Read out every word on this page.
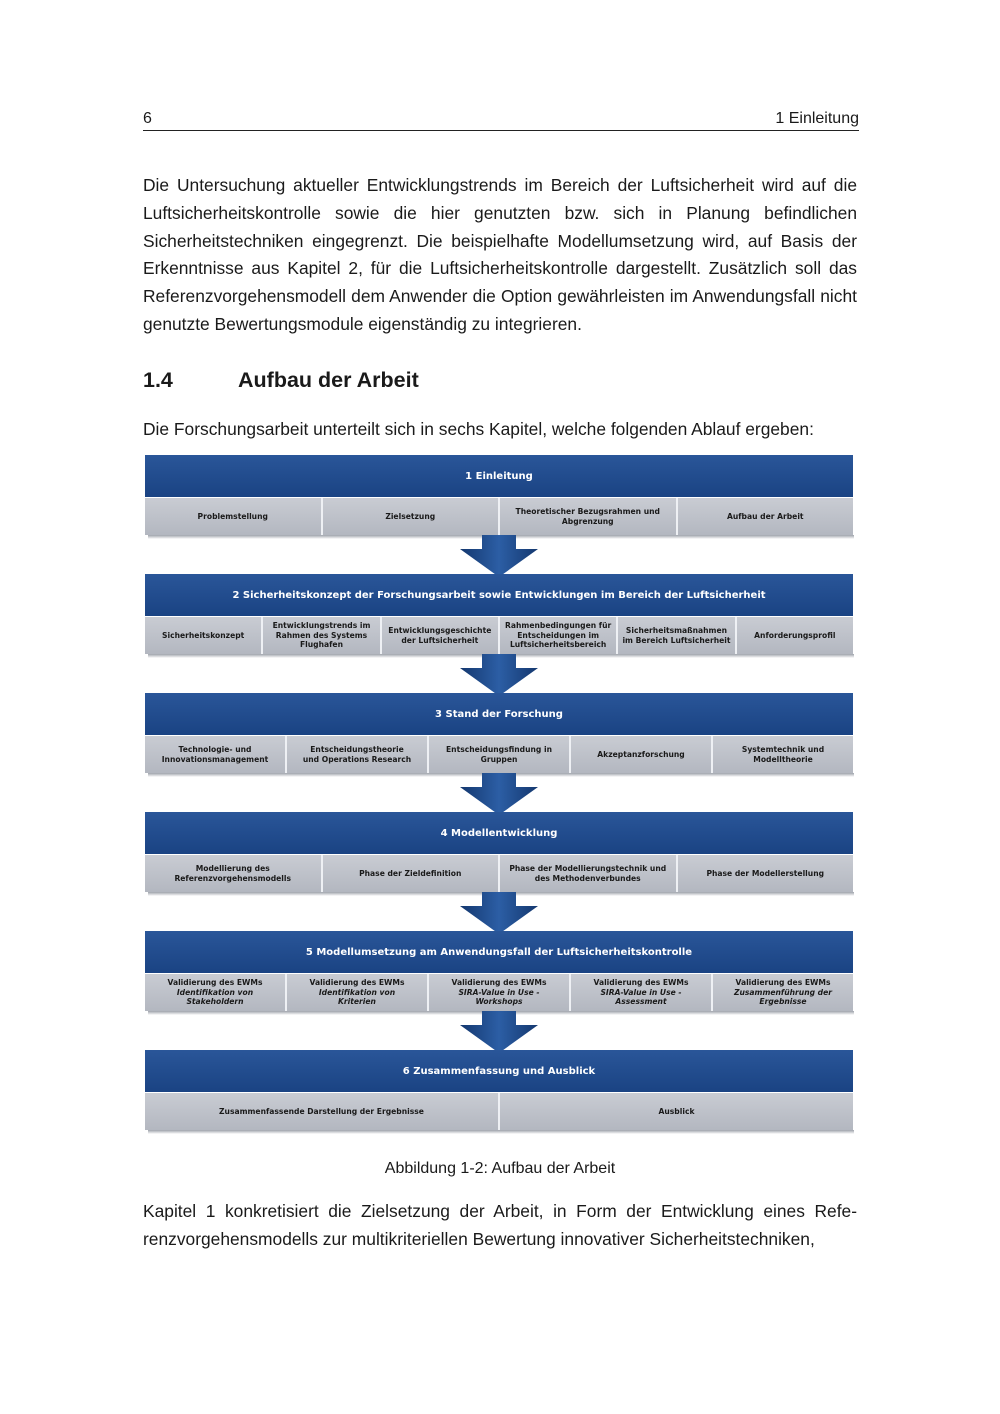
6	1 Einleitung
Die Untersuchung aktueller Entwicklungstrends im Bereich der Luftsicherheit wird auf die Luftsicherheitskontrolle sowie die hier genutzten bzw. sich in Planung befindlichen Sicherheitstechniken eingegrenzt. Die beispielhafte Modellumsetzung wird, auf Basis der Erkenntnisse aus Kapitel 2, für die Luftsicherheitskontrolle dargestellt. Zusätzlich soll das Referenzvorgehensmodell dem Anwender die Option gewährleisten im Anwendungsfall nicht genutzte Bewertungsmodule eigenständig zu integrieren.
1.4	Aufbau der Arbeit
Die Forschungsarbeit unterteilt sich in sechs Kapitel, welche folgenden Ablauf ergeben:
1 Einleitung
Problemstellung	Zielsetzung
Theoretischer Bezugsrahmen und
Abgrenzung
Aufbau der Arbeit
2 Sicherheitskonzept der Forschungsarbeit sowie Entwicklungen im Bereich der Luftsicherheit
Sicherheitskonzept
Entwicklungstrends im
Rahmen des Systems
Flughafen
Entwicklungsgeschichte
der Luftsicherheit
Rahmenbedingungen für
Entscheidungen im
Luftsicherheitsbereich
Sicherheitsmaßnahmen
im Bereich Luftsicherheit
Anforderungsprofil
3 Stand der Forschung
Technologie- und
Innovationsmanagement
Entscheidungstheorie
und Operations Research
Entscheidungsfindung in
Gruppen
Akzeptanzforschung
Systemtechnik und
Modelltheorie
4 Modellentwicklung
Modellierung des
Referenzvorgehensmodells
Phase der Zieldefinition
Phase der Modellierungstechnik und
des Methodenverbundes
Phase der Modellerstellung
5 Modellumsetzung am Anwendungsfall der Luftsicherheitskontrolle
Validierung des EWMs
Identifikation von
Stakeholdern
Validierung des EWMs
Identifikation von
Kriterien
Validierung des EWMs
SIRA-Value in Use -
Workshops
Validierung des EWMs
SIRA-Value in Use -
Assessment
Validierung des EWMs
Zusammenführung der
Ergebnisse
6 Zusammenfassung und Ausblick
Zusammenfassende Darstellung der Ergebnisse	Ausblick
Abbildung 1-2: Aufbau der Arbeit
Kapitel 1 konkretisiert die Zielsetzung der Arbeit, in Form der Entwicklung eines Referenzvorgehensmodells zur multikriteriellen Bewertung innovativer Sicherheitstechniken,
